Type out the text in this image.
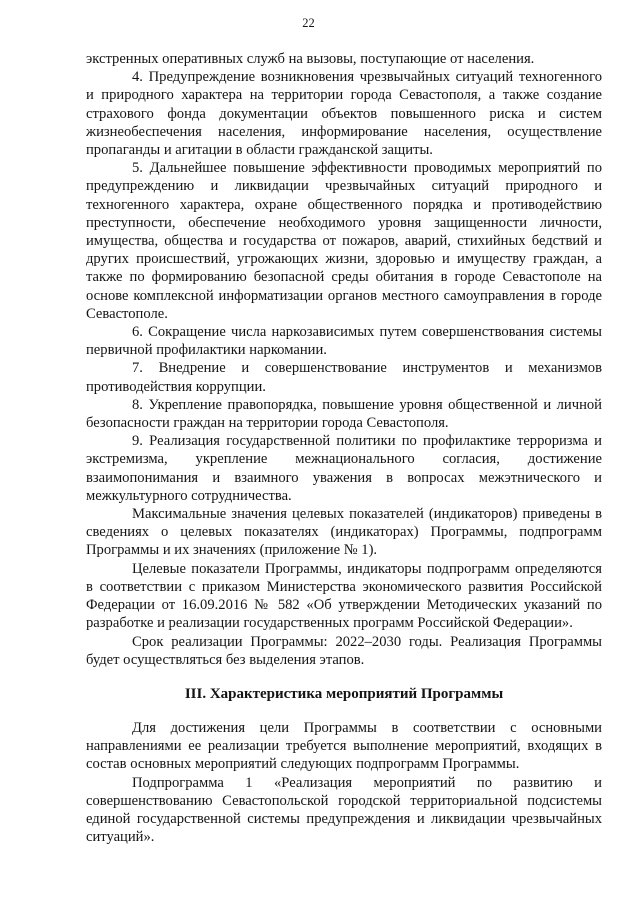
22

экстренных оперативных служб на вызовы, поступающие от населения.

4. Предупреждение возникновения чрезвычайных ситуаций техногенного и природного характера на территории города Севастополя, а также создание страхового фонда документации объектов повышенного риска и систем жизнеобеспечения населения, информирование населения, осуществление пропаганды и агитации в области гражданской защиты.

5. Дальнейшее повышение эффективности проводимых мероприятий по предупреждению и ликвидации чрезвычайных ситуаций природного и техногенного характера, охране общественного порядка и противодействию преступности, обеспечение необходимого уровня защищенности личности, имущества, общества и государства от пожаров, аварий, стихийных бедствий и других происшествий, угрожающих жизни, здоровью и имуществу граждан, а также по формированию безопасной среды обитания в городе Севастополе на основе комплексной информатизации органов местного самоуправления в городе Севастополе.

6. Сокращение числа наркозависимых путем совершенствования системы первичной профилактики наркомании.

7. Внедрение и совершенствование инструментов и механизмов противодействия коррупции.

8. Укрепление правопорядка, повышение уровня общественной и личной безопасности граждан на территории города Севастополя.

9. Реализация государственной политики по профилактике терроризма и экстремизма, укрепление межнационального согласия, достижение взаимопонимания и взаимного уважения в вопросах межэтнического и межкультурного сотрудничества.

Максимальные значения целевых показателей (индикаторов) приведены в сведениях о целевых показателях (индикаторах) Программы, подпрограмм Программы и их значениях (приложение № 1).

Целевые показатели Программы, индикаторы подпрограмм определяются в соответствии с приказом Министерства экономического развития Российской Федерации от 16.09.2016 № 582 «Об утверждении Методических указаний по разработке и реализации государственных программ Российской Федерации».

Срок реализации Программы: 2022–2030 годы. Реализация Программы будет осуществляться без выделения этапов.

III. Характеристика мероприятий Программы

Для достижения цели Программы в соответствии с основными направлениями ее реализации требуется выполнение мероприятий, входящих в состав основных мероприятий следующих подпрограмм Программы.

Подпрограмма 1 «Реализация мероприятий по развитию и совершенствованию Севастопольской городской территориальной подсистемы единой государственной системы предупреждения и ликвидации чрезвычайных ситуаций».
